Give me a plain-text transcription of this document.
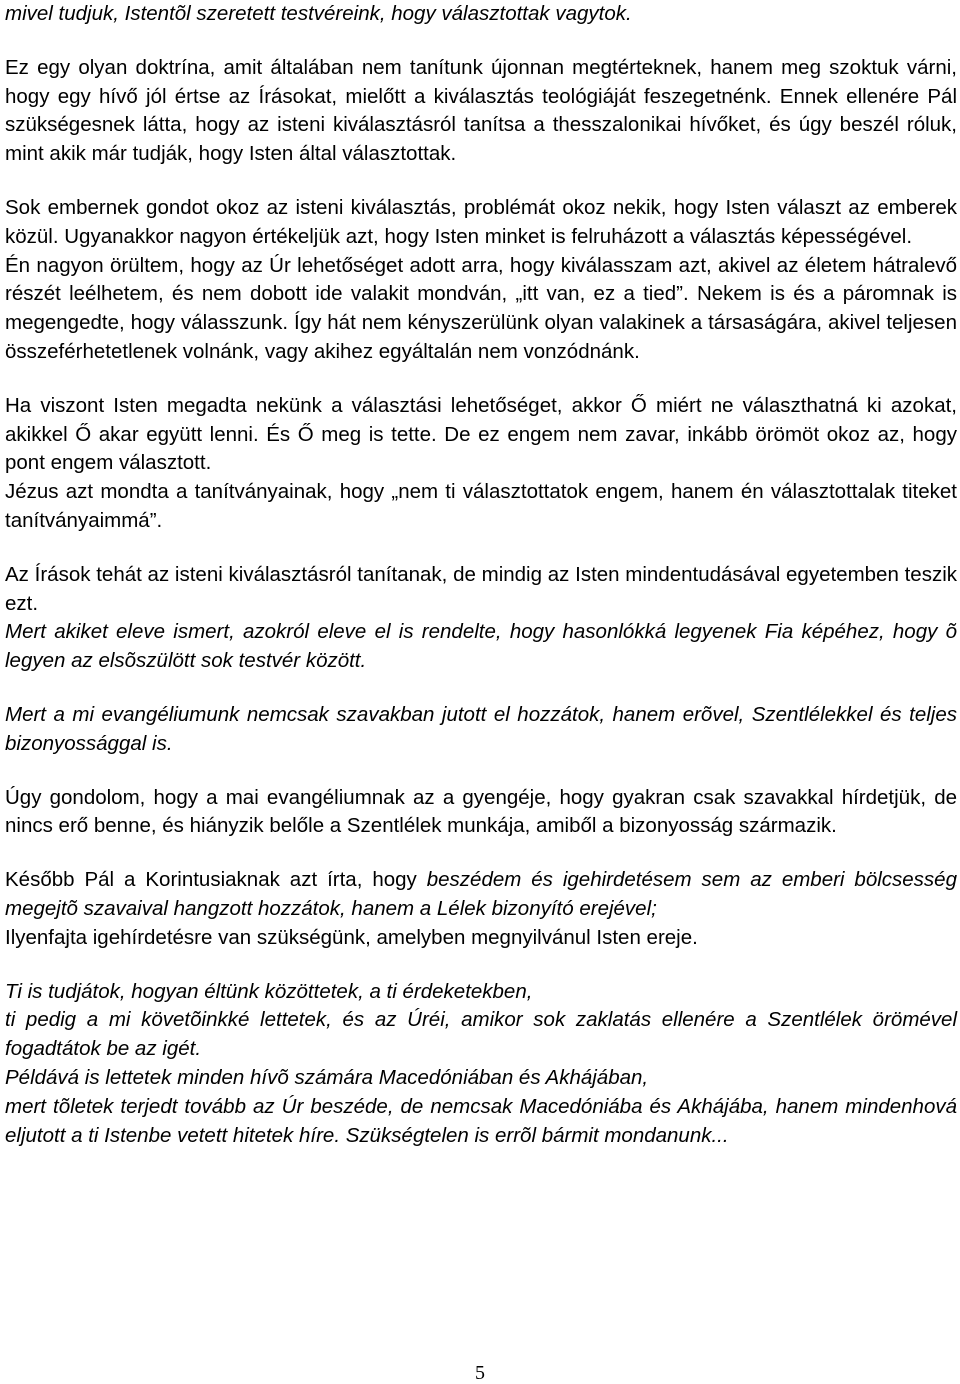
mivel tudjuk, Istentõl szeretett testvéreink, hogy választottak vagytok.

Ez egy olyan doktrína, amit általában nem tanítunk újonnan megtérteknek, hanem meg szoktuk várni, hogy egy hívő jól értse az Írásokat, mielőtt a kiválasztás teológiáját feszegetnénk. Ennek ellenére Pál szükségesnek látta, hogy az isteni kiválasztásról tanítsa a thesszalonikai hívőket, és úgy beszél róluk, mint akik már tudják, hogy Isten által választottak.

Sok embernek gondot okoz az isteni kiválasztás, problémát okoz nekik, hogy Isten választ az emberek közül. Ugyanakkor nagyon értékeljük azt, hogy Isten minket is felruházott a választás képességével.

Én nagyon örültem, hogy az Úr lehetőséget adott arra, hogy kiválasszam azt, akivel az életem hátralevő részét leélhetem, és nem dobott ide valakit mondván, „itt van, ez a tied”. Nekem is és a páromnak is megengedte, hogy válasszunk. Így hát nem kényszerülünk olyan valakinek a társaságára, akivel teljesen összeférhetetlenek volnánk, vagy akihez egyáltalán nem vonzódnánk.

Ha viszont Isten megadta nekünk a választási lehetőséget, akkor Ő miért ne választhatná ki azokat, akikkel Ő akar együtt lenni. És Ő meg is tette. De ez engem nem zavar, inkább örömöt okoz az, hogy pont engem választott.

Jézus azt mondta a tanítványainak, hogy „nem ti választottatok engem, hanem én választottalak titeket tanítványaimmá”.

Az Írások tehát az isteni kiválasztásról tanítanak, de mindig az Isten mindentudásával egyetemben teszik ezt.

Mert akiket eleve ismert, azokról eleve el is rendelte, hogy hasonlókká legyenek Fia képéhez, hogy õ legyen az elsõszülött sok testvér között.

Mert a mi evangéliumunk nemcsak szavakban jutott el hozzátok, hanem erõvel, Szentlélekkel és teljes bizonyossággal is.

Úgy gondolom, hogy a mai evangéliumnak az a gyengéje, hogy gyakran csak szavakkal hírdetjük, de nincs erő benne, és hiányzik belőle a Szentlélek munkája, amiből a bizonyosság származik.

Később Pál a Korintusiaknak azt írta, hogy beszédem és igehirdetésem sem az emberi bölcsesség megejtõ szavaival hangzott hozzátok, hanem a Lélek bizonyító erejével;

Ilyenfajta igehírdetésre van szükségünk, amelyben megnyilvánul Isten ereje.

Ti is tudjátok, hogyan éltünk közöttetek, a ti érdeketekben,

ti pedig a mi követõinkké lettetek, és az Úréi, amikor sok zaklatás ellenére a Szentlélek örömével fogadtátok be az igét.

Példává is lettetek minden hívõ számára Macedóniában és Akhájában,

mert tõletek terjedt tovább az Úr beszéde, de nemcsak Macedóniába és Akhájába, hanem mindenhová eljutott a ti Istenbe vetett hitetek híre. Szükségtelen is errõl bármit mondanunk...

5
